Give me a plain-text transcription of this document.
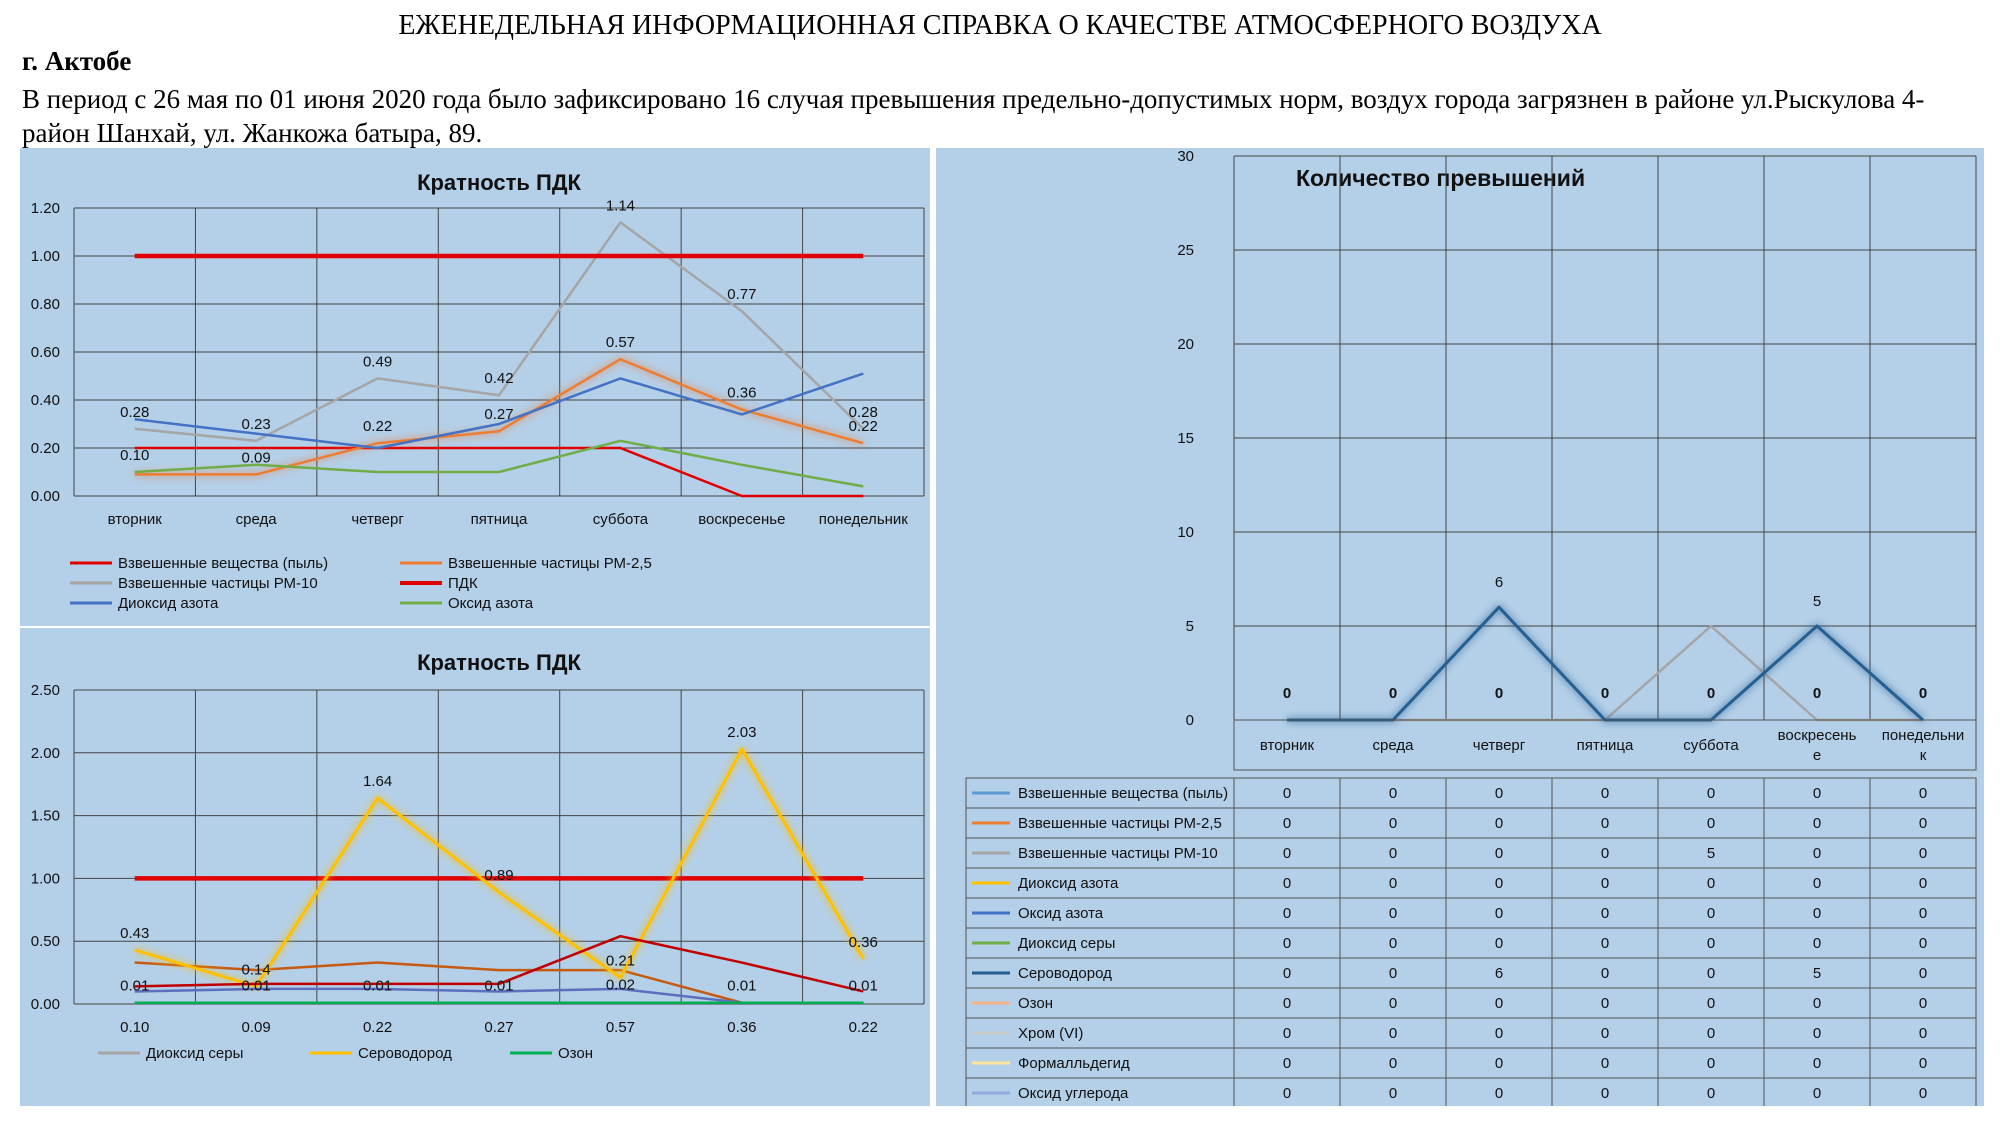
ЕЖЕНЕДЕЛЬНАЯ ИНФОРМАЦИОННАЯ СПРАВКА О КАЧЕСТВЕ АТМОСФЕРНОГО ВОЗДУХА
г. Актобе
В период с 26 мая по 01 июня 2020 года было зафиксировано 16 случая превышения предельно-допустимых норм, воздух города загрязнен в районе ул.Рыскулова 4-район Шанхай, ул. Жанкожа батыра, 89.
Кратность ПДК
0.00
0.20
0.40
0.60
0.80
1.00
1.20
вторник	среда	четверг	пятница	суббота	воскресенье понедельник
0.28
0.23
0.49
0.42
1.14
0.77
0.28
0.10	0.09
0.22
0.27
0.57
0.36
0.22
Взвешенные вещества (пыль)	Взвешенные частицы РМ-2,5
Взвешенные частицы РМ-10	ПДК
Диоксид азота	Оксид азота
Кратность ПДК
0.00
0.50
1.00
1.50
2.00
2.50
0.10	0.09	0.22	0.27	0.57	0.36	0.22
0.43
0.14
1.64
0.89
0.21
2.03
0.36
0.01	0.01	0.01	0.01	0.02	0.01	0.01
Диоксид серы	Сероводород	Озон
Количество превышений
0
5
10
15
20
25
30
0	0	0	0	0	0	0
6
5
вторник	среда	четверг	пятница	суббота
воскресень е
понедельни к
Взвешенные вещества (пыль)	0	0	0	0	0	0	0
Взвешенные частицы РМ-2,5	0	0	0	0	0	0	0
Взвешенные частицы РМ-10	0	0	0	0	5	0	0
Диоксид азота	0	0	0	0	0	0	0
Оксид азота	0	0	0	0	0	0	0
Диоксид серы	0	0	0	0	0	0	0
Сероводород	0	0	6	0	0	5	0
Озон	0	0	0	0	0	0	0
Хром (VI)	0	0	0	0	0	0	0
Формалльдегид	0	0	0	0	0	0	0
Оксид углерода	0	0	0	0	0	0	0
